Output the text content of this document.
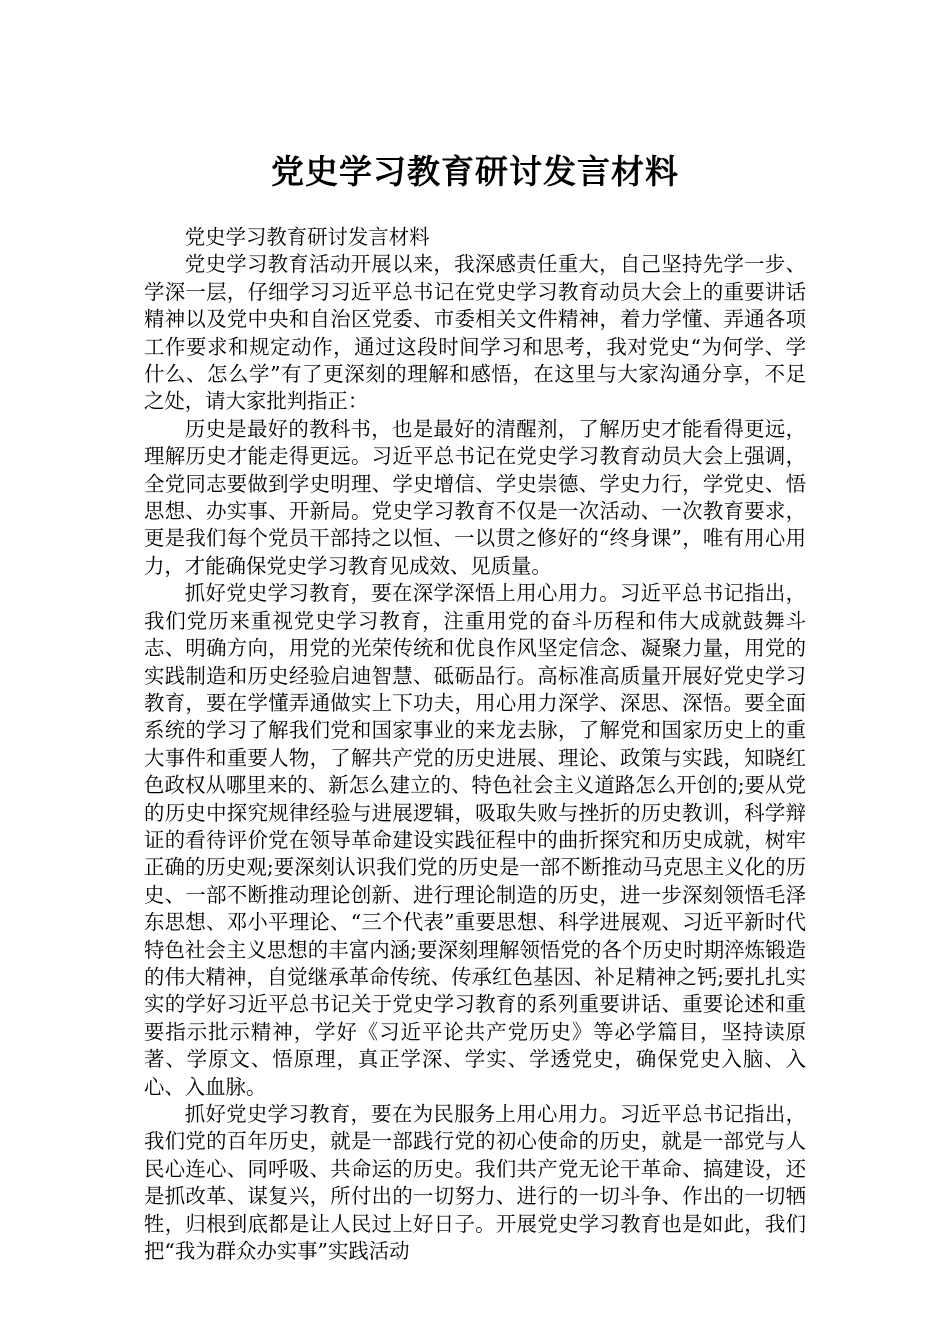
党史学习教育研讨发言材料

党史学习教育研讨发言材料

党史学习教育活动开展以来，我深感责任重大，自己坚持先学一步、学深一层，仔细学习习近平总书记在党史学习教育动员大会上的重要讲话精神以及党中央和自治区党委、市委相关文件精神，着力学懂、弄通各项工作要求和规定动作，通过这段时间学习和思考，我对党史“为何学、学什么、怎么学”有了更深刻的理解和感悟，在这里与大家沟通分享，不足之处，请大家批判指正：

历史是最好的教科书，也是最好的清醒剂，了解历史才能看得更远，理解历史才能走得更远。习近平总书记在党史学习教育动员大会上强调，全党同志要做到学史明理、学史增信、学史崇德、学史力行，学党史、悟思想、办实事、开新局。党史学习教育不仅是一次活动、一次教育要求，更是我们每个党员干部持之以恒、一以贯之修好的“终身课”，唯有用心用力，才能确保党史学习教育见成效、见质量。

抓好党史学习教育，要在深学深悟上用心用力。习近平总书记指出，我们党历来重视党史学习教育，注重用党的奋斗历程和伟大成就鼓舞斗志、明确方向，用党的光荣传统和优良作风坚定信念、凝聚力量，用党的实践制造和历史经验启迪智慧、砥砺品行。高标准高质量开展好党史学习教育，要在学懂弄通做实上下功夫，用心用力深学、深思、深悟。要全面系统的学习了解我们党和国家事业的来龙去脉，了解党和国家历史上的重大事件和重要人物，了解共产党的历史进展、理论、政策与实践，知晓红色政权从哪里来的、新怎么建立的、特色社会主义道路怎么开创的;要从党的历史中探究规律经验与进展逻辑，吸取失败与挫折的历史教训，科学辩证的看待评价党在领导革命建设实践征程中的曲折探究和历史成就，树牢正确的历史观;要深刻认识我们党的历史是一部不断推动马克思主义化的历史、一部不断推动理论创新、进行理论制造的历史，进一步深刻领悟毛泽东思想、邓小平理论、“三个代表”重要思想、科学进展观、习近平新时代特色社会主义思想的丰富内涵;要深刻理解领悟党的各个历史时期淬炼锻造的伟大精神，自觉继承革命传统、传承红色基因、补足精神之钙;要扎扎实实的学好习近平总书记关于党史学习教育的系列重要讲话、重要论述和重要指示批示精神，学好《习近平论共产党历史》等必学篇目，坚持读原著、学原文、悟原理，真正学深、学实、学透党史，确保党史入脑、入心、入血脉。

抓好党史学习教育，要在为民服务上用心用力。习近平总书记指出，我们党的百年历史，就是一部践行党的初心使命的历史，就是一部党与人民心连心、同呼吸、共命运的历史。我们共产党无论干革命、搞建设，还是抓改革、谋复兴，所付出的一切努力、进行的一切斗争、作出的一切牺牲，归根到底都是让人民过上好日子。开展党史学习教育也是如此，我们把“我为群众办实事”实践活动
